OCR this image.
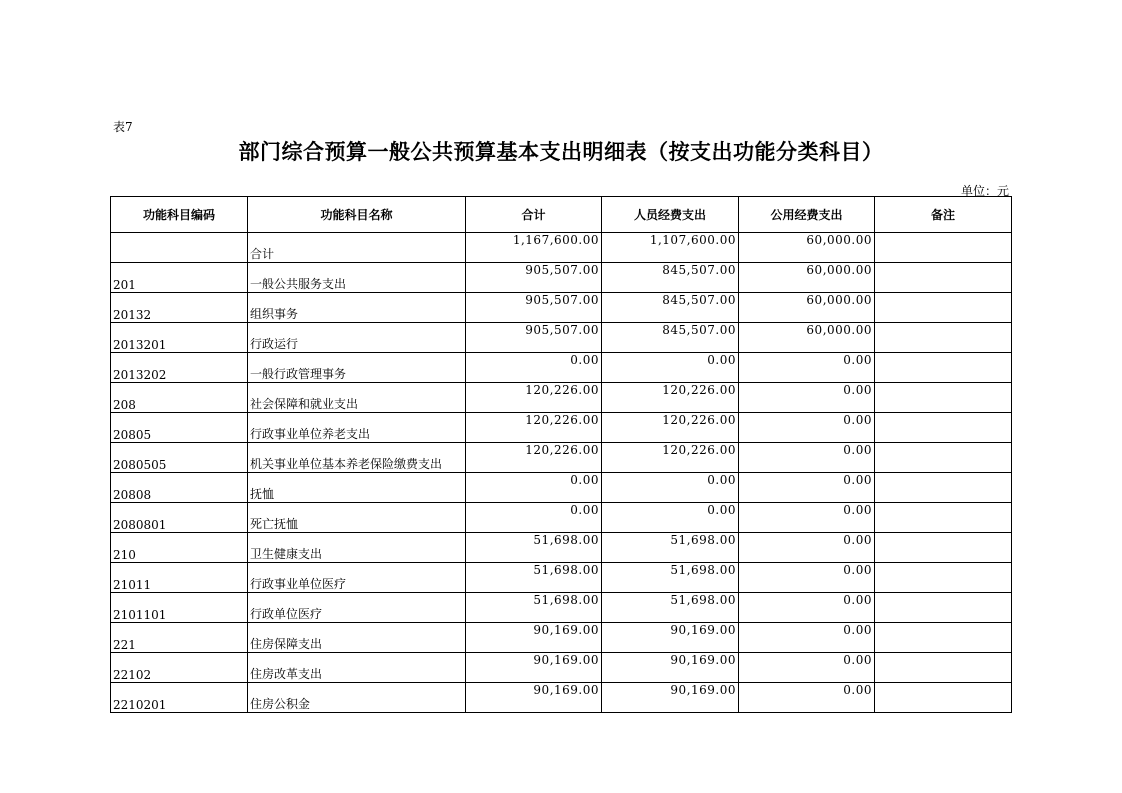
表7
部门综合预算一般公共预算基本支出明细表（按支出功能分类科目）
单位：元
功能科目编码	功能科目名称	合计	人员经费支出	公用经费支出	备注
	合计	1,167,600.00	1,107,600.00	60,000.00	
201	一般公共服务支出	905,507.00	845,507.00	60,000.00	
20132	组织事务	905,507.00	845,507.00	60,000.00	
2013201	行政运行	905,507.00	845,507.00	60,000.00	
2013202	一般行政管理事务	0.00	0.00	0.00	
208	社会保障和就业支出	120,226.00	120,226.00	0.00	
20805	行政事业单位养老支出	120,226.00	120,226.00	0.00	
2080505	机关事业单位基本养老保险缴费支出	120,226.00	120,226.00	0.00	
20808	抚恤	0.00	0.00	0.00	
2080801	死亡抚恤	0.00	0.00	0.00	
210	卫生健康支出	51,698.00	51,698.00	0.00	
21011	行政事业单位医疗	51,698.00	51,698.00	0.00	
2101101	行政单位医疗	51,698.00	51,698.00	0.00	
221	住房保障支出	90,169.00	90,169.00	0.00	
22102	住房改革支出	90,169.00	90,169.00	0.00	
2210201	住房公积金	90,169.00	90,169.00	0.00	
